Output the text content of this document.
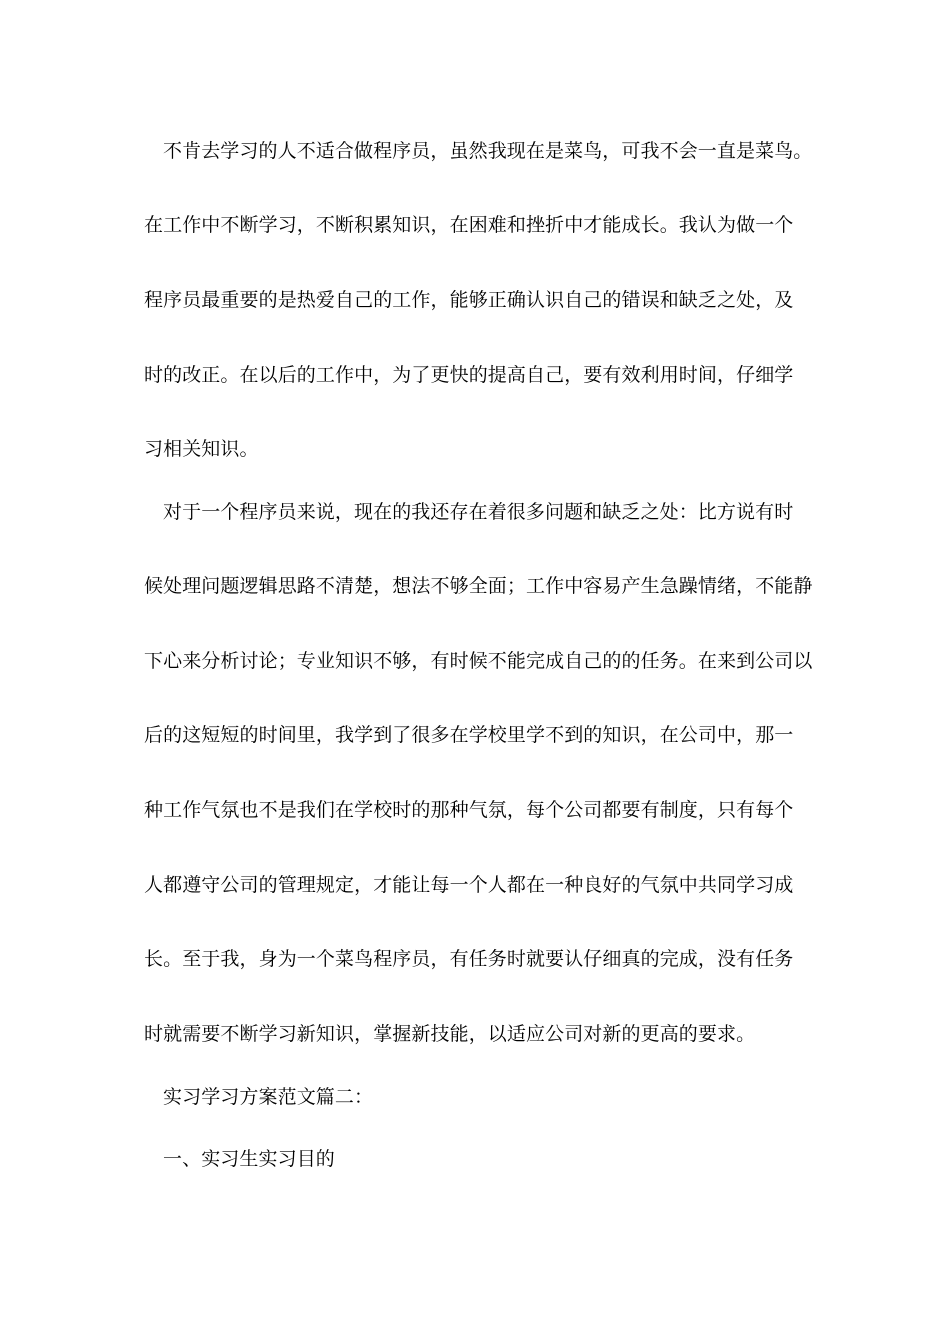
不肯去学习的人不适合做程序员，虽然我现在是菜鸟，可我不会一直是菜鸟。
在工作中不断学习，不断积累知识，在困难和挫折中才能成长。我认为做一个
程序员最重要的是热爱自己的工作，能够正确认识自己的错误和缺乏之处，及
时的改正。在以后的工作中，为了更快的提高自己，要有效利用时间，仔细学
习相关知识。
对于一个程序员来说，现在的我还存在着很多问题和缺乏之处：比方说有时
候处理问题逻辑思路不清楚，想法不够全面；工作中容易产生急躁情绪，不能静
下心来分析讨论；专业知识不够，有时候不能完成自己的的任务。在来到公司以
后的这短短的时间里，我学到了很多在学校里学不到的知识，在公司中，那一
种工作气氛也不是我们在学校时的那种气氛，每个公司都要有制度，只有每个
人都遵守公司的管理规定，才能让每一个人都在一种良好的气氛中共同学习成
长。至于我，身为一个菜鸟程序员，有任务时就要认仔细真的完成，没有任务
时就需要不断学习新知识，掌握新技能，以适应公司对新的更高的要求。
实习学习方案范文篇二：
一、实习生实习目的
